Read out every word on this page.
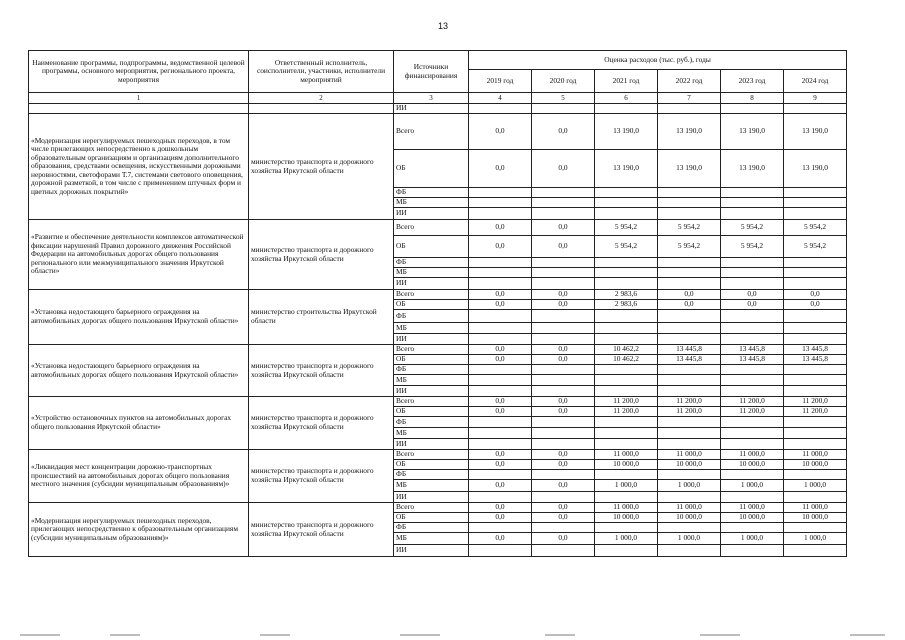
13
Наименование программы, подпрограммы, ведомственной целевой программы, основного мероприятия, регионального проекта, мероприятия	Ответственный исполнитель, соисполнители, участники, исполнители мероприятий	Источники финансирования	Оценка расходов (тыс. руб.), годы					
			2019 год	2020 год	2021 год	2022 год	2023 год	2024 год
1	2	3	4	5	6	7	8	9
		ИИ						
«Модернизация нерегулируемых пешеходных переходов, в том числе прилегающих непосредственно к дошкольным образовательным организациям и организациям дополнительного образования, средствами освещения, искусственными дорожными неровностями, светофорами Т.7, системами светового оповещения, дорожной разметкой, в том числе с применением штучных форм и цветных дорожных покрытий»	министерство транспорта и дорожного хозяйства Иркутской области	Всего	0,0	0,0	13 190,0	13 190,0	13 190,0	13 190,0
		ОБ	0,0	0,0	13 190,0	13 190,0	13 190,0	13 190,0
		ФБ						
		МБ						
		ИИ						
«Развитие и обеспечение деятельности комплексов автоматической фиксации нарушений Правил дорожного движения Российской Федерации на автомобильных дорогах общего пользования регионального или межмуниципального значения Иркутской области»	министерство транспорта и дорожного хозяйства Иркутской области	Всего	0,0	0,0	5 954,2	5 954,2	5 954,2	5 954,2
		ОБ	0,0	0,0	5 954,2	5 954,2	5 954,2	5 954,2
		ФБ						
		МБ						
		ИИ						
«Установка недостающего барьерного ограждения на автомобильных дорогах общего пользования Иркутской области»	министерство строительства Иркутской области	Всего	0,0	0,0	2 983,6	0,0	0,0	0,0
		ОБ	0,0	0,0	2 983,6	0,0	0,0	0,0
		ФБ						
		МБ						
		ИИ						
«Установка недостающего барьерного ограждения на автомобильных дорогах общего пользования Иркутской области»	министерство транспорта и дорожного хозяйства Иркутской области	Всего	0,0	0,0	10 462,2	13 445,8	13 445,8	13 445,8
		ОБ	0,0	0,0	10 462,2	13 445,8	13 445,8	13 445,8
		ФБ						
		МБ						
		ИИ						
«Устройство остановочных пунктов на автомобильных дорогах общего пользования Иркутской области»	министерство транспорта и дорожного хозяйства Иркутской области	Всего	0,0	0,0	11 200,0	11 200,0	11 200,0	11 200,0
		ОБ	0,0	0,0	11 200,0	11 200,0	11 200,0	11 200,0
		ФБ						
		МБ						
		ИИ						
«Ликвидация мест концентрации дорожно-транспортных происшествий на автомобильных дорогах общего пользования местного значения (субсидии муниципальным образованиям)»	министерство транспорта и дорожного хозяйства Иркутской области	Всего	0,0	0,0	11 000,0	11 000,0	11 000,0	11 000,0
		ОБ	0,0	0,0	10 000,0	10 000,0	10 000,0	10 000,0
		ФБ						
		МБ	0,0	0,0	1 000,0	1 000,0	1 000,0	1 000,0
		ИИ						
«Модернизация нерегулируемых пешеходных переходов, прилегающих непосредственно к образовательным организациям (субсидии муниципальным образованиям)»	министерство транспорта и дорожного хозяйства Иркутской области	Всего	0,0	0,0	11 000,0	11 000,0	11 000,0	11 000,0
		ОБ	0,0	0,0	10 000,0	10 000,0	10 000,0	10 000,0
		ФБ						
		МБ	0,0	0,0	1 000,0	1 000,0	1 000,0	1 000,0
		ИИ						
